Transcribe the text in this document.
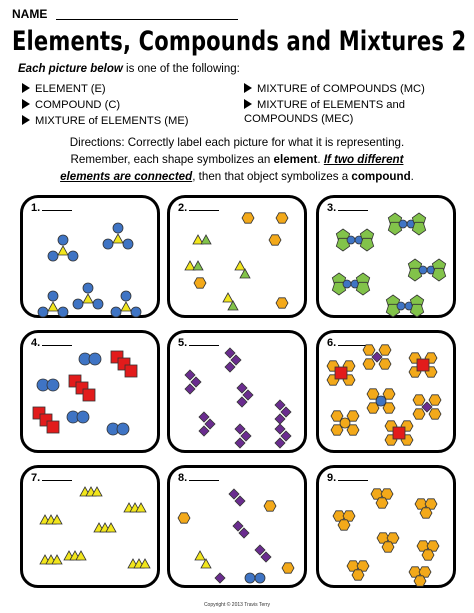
NAME
Elements, Compounds and Mixtures 2
Each picture below is one of the following:
ELEMENT (E)
COMPOUND (C)
MIXTURE of ELEMENTS (ME)
MIXTURE of COMPOUNDS (MC)
MIXTURE of ELEMENTS and COMPOUNDS (MEC)
Directions: Correctly label each picture for what it is representing.
Remember, each shape symbolizes an element. If two different
elements are connected, then that object symbolizes a compound.
1.	2.	3.
4.	5.	6.
7.	8.	9.
Copyright © 2013 Travis Terry
